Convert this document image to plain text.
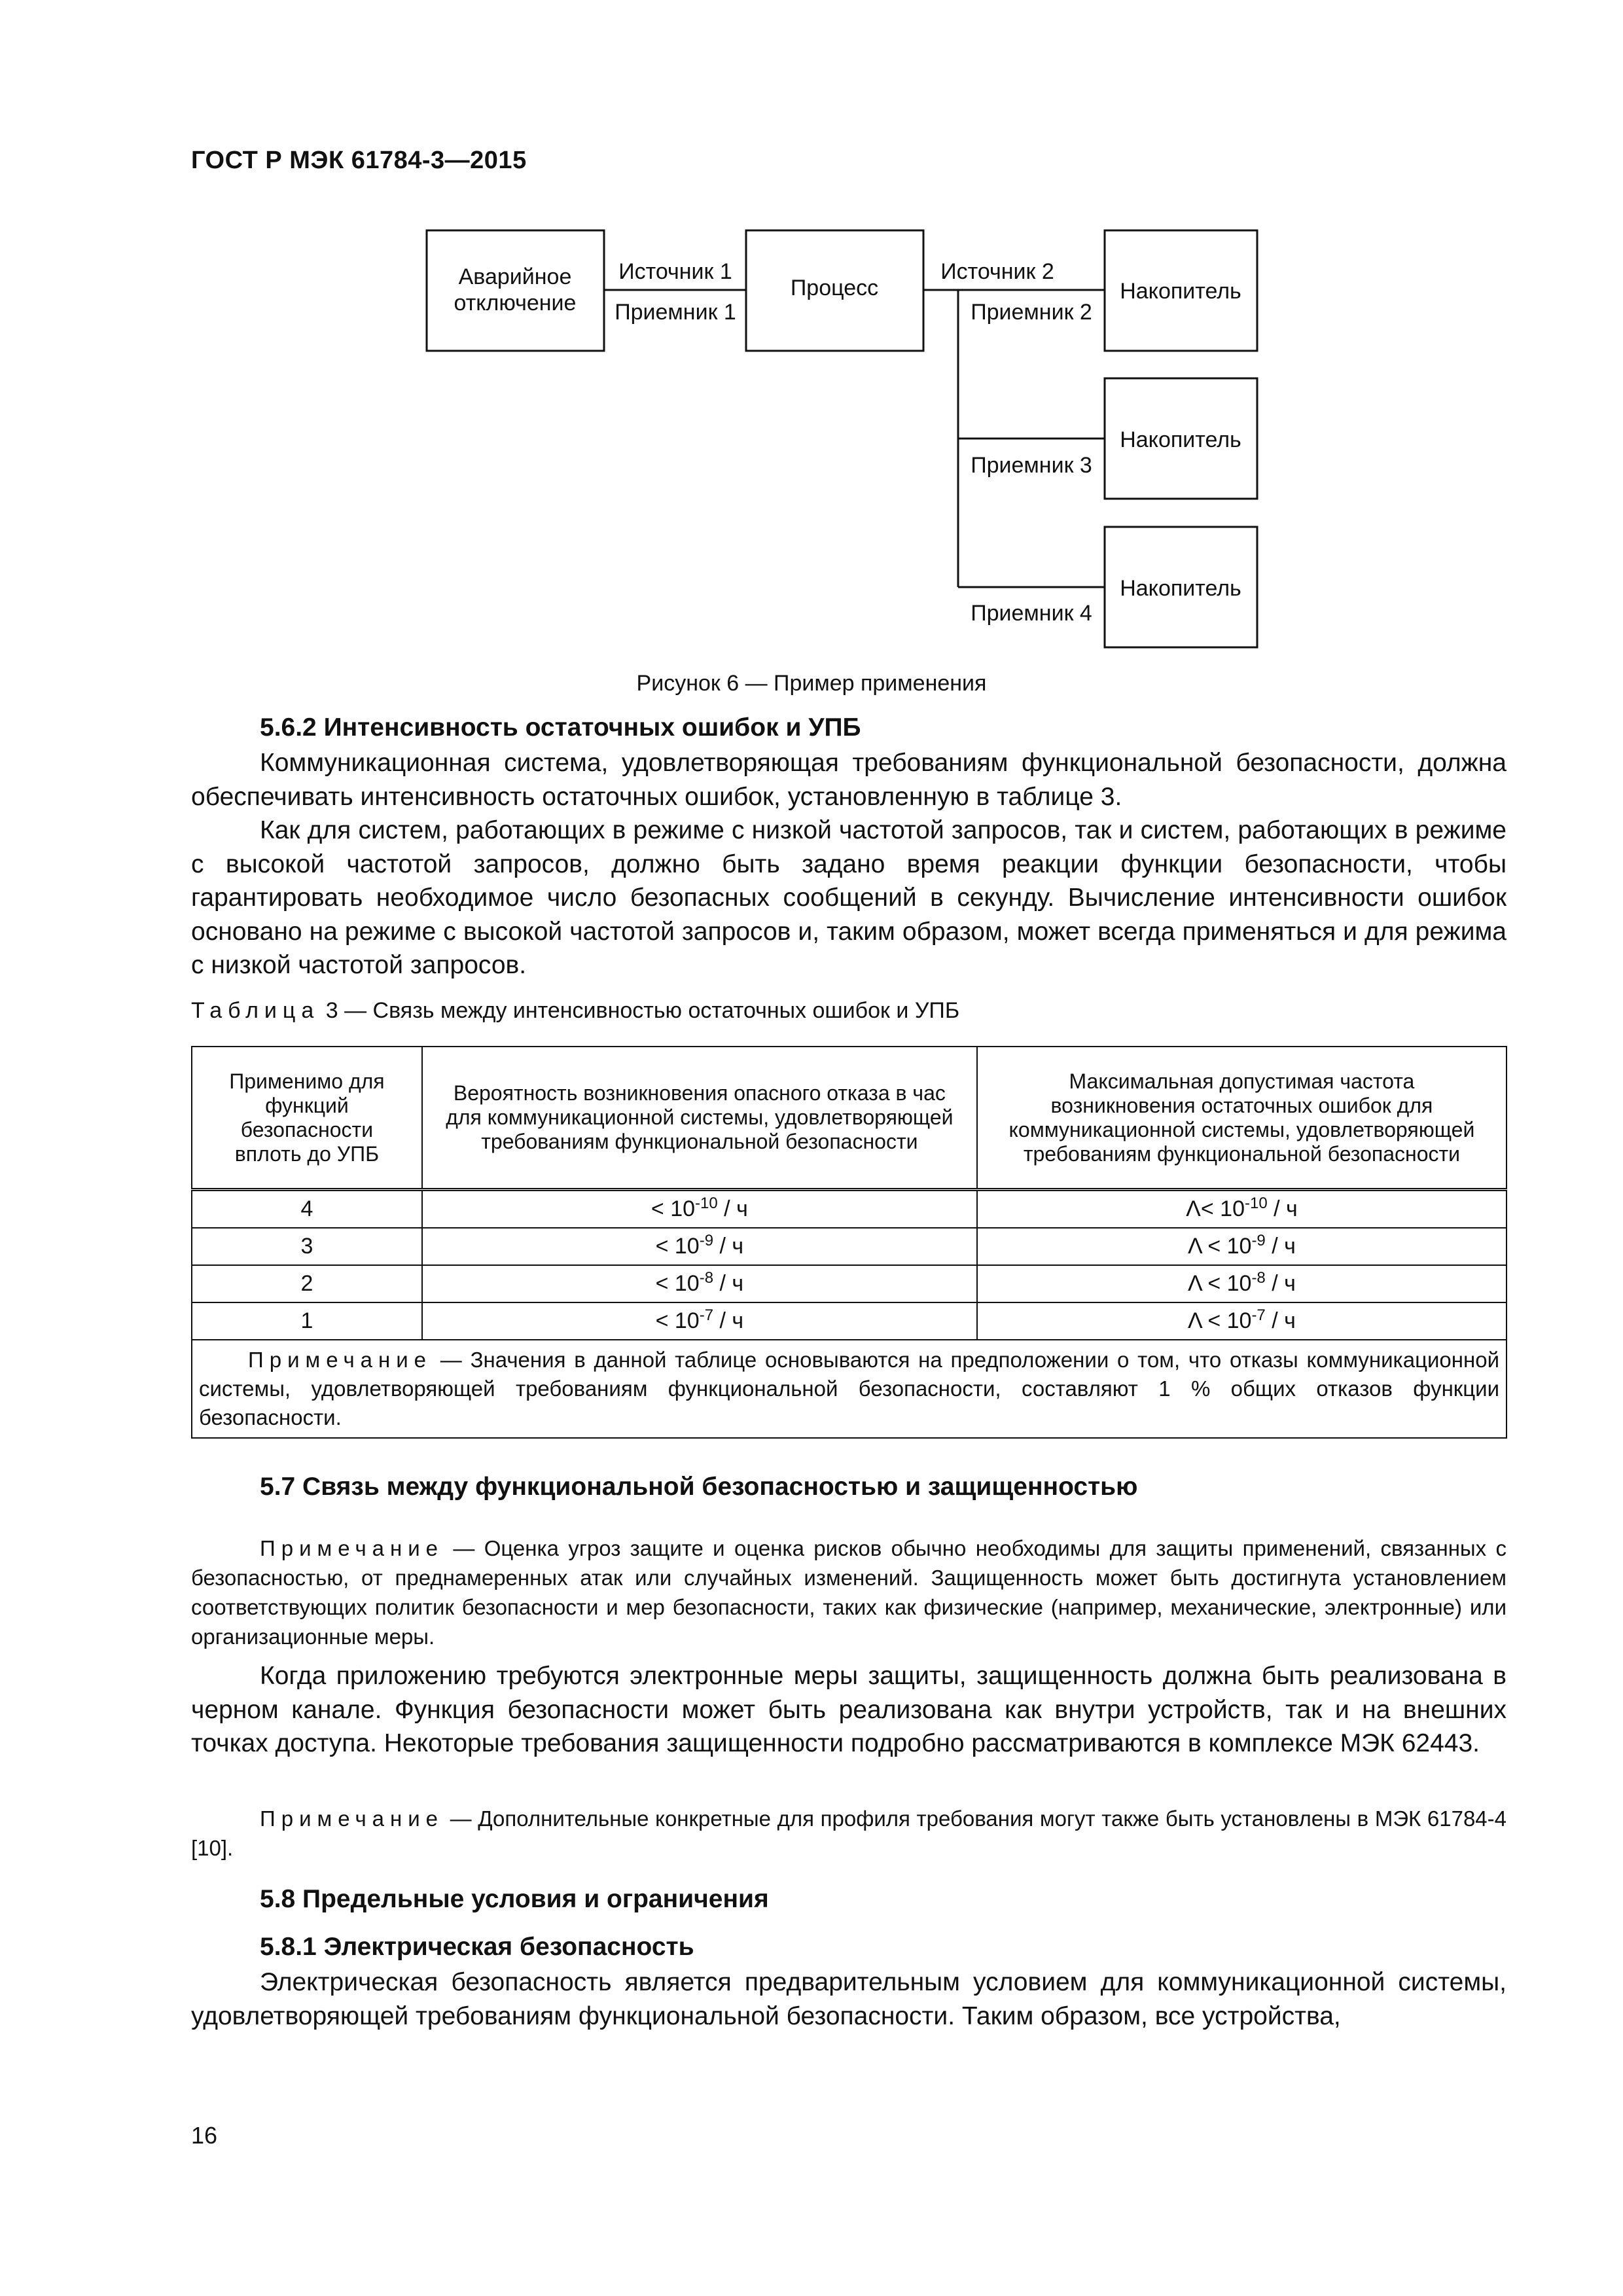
ГОСТ Р МЭК 61784-3—2015
Аварийное
отключение
Процесс	Накопитель
Накопитель
Накопитель
Источник 1
Приемник 1
Источник 2
Приемник 2
Приемник 3
Приемник 4
Рисунок 6 — Пример применения
5.6.2 Интенсивность остаточных ошибок и УПБ
Коммуникационная система, удовлетворяющая требованиям функциональной безопасности, должна обеспечивать интенсивность остаточных ошибок, установленную в таблице 3.
Как для систем, работающих в режиме с низкой частотой запросов, так и систем, работающих в режиме с высокой частотой запросов, должно быть задано время реакции функции безопасности, чтобы гарантировать необходимое число безопасных сообщений в секунду. Вычисление интенсивности ошибок основано на режиме с высокой частотой запросов и, таким образом, может всегда применяться и для режима с низкой частотой запросов.
Таблица 3 — Связь между интенсивностью остаточных ошибок и УПБ
Применимо для функций безопасности вплоть до УПБ	Вероятность возникновения опасного отказа в час для коммуникационной системы, удовлетворяющей требованиям функциональной безопасности	Максимальная допустимая частота возникновения остаточных ошибок для коммуникационной системы, удовлетворяющей требованиям функциональной безопасности
4	< $10^{-10}$ / ч	$\Lambda< 10^{-10} / ч$
3	< $10^{-9}$ / ч	$\Lambda < 10^{-9} / ч$
2	< $10^{-8}$ / ч	$\Lambda < 10^{-8} / ч$
1	< $10^{-7}$ / ч	$\Lambda < 10^{-7} / ч$
Примечание — Значения в данной таблице основываются на предположении о том, что отказы коммуникационной системы, удовлетворяющей требованиям функциональной безопасности, составляют 1 % общих отказов функции безопасности.		
5.7 Связь между функциональной безопасностью и защищенностью
Примечание — Оценка угроз защите и оценка рисков обычно необходимы для защиты применений, связанных с безопасностью, от преднамеренных атак или случайных изменений. Защищенность может быть достигнута установлением соответствующих политик безопасности и мер безопасности, таких как физические (например, механические, электронные) или организационные меры.
Когда приложению требуются электронные меры защиты, защищенность должна быть реализована в черном канале. Функция безопасности может быть реализована как внутри устройств, так и на внешних точках доступа. Некоторые требования защищенности подробно рассматриваются в комплексе МЭК 62443.
Примечание — Дополнительные конкретные для профиля требования могут также быть установлены в МЭК 61784-4 [10].
5.8 Предельные условия и ограничения
5.8.1 Электрическая безопасность
Электрическая безопасность является предварительным условием для коммуникационной системы, удовлетворяющей требованиям функциональной безопасности. Таким образом, все устройства,
16
